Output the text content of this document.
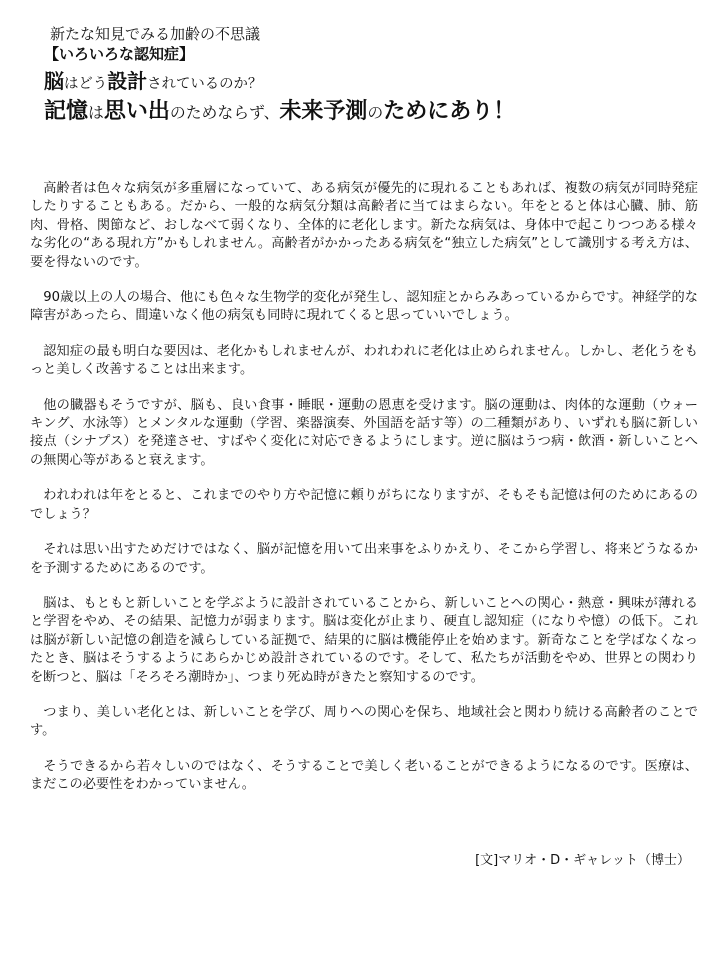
新たな知見でみる加齢の不思議

【いろいろな認知症】

脳はどう設計されているのか？

記憶は思い出のためならず、未来予測のためにあり！

高齢者は色々な病気が多重層になっていて、ある病気が優先的に現れることもあれば、複数の病気が同時発症したりすることもある。だから、一般的な病気分類は高齢者に当てはまらない。年をとると体は心臓、肺、筋肉、骨格、関節など、おしなべて弱くなり、全体的に老化します。新たな病気は、身体中で起こりつつある様々な劣化の“ある現れ方”かもしれません。高齢者がかかったある病気を“独立した病気”として識別する考え方は、要を得ないのです。

90歳以上の人の場合、他にも色々な生物学的変化が発生し、認知症とからみあっているからです。神経学的な障害があったら、間違いなく他の病気も同時に現れてくると思っていいでしょう。

認知症の最も明白な要因は、老化かもしれませんが、われわれに老化は止められません。しかし、老化うをもっと美しく改善することは出来ます。

他の臓器もそうですが、脳も、良い食事・睡眠・運動の恩恵を受けます。脳の運動は、肉体的な運動（ウォーキング、水泳等）とメンタルな運動（学習、楽器演奏、外国語を話す等）の二種類があり、いずれも脳に新しい接点（シナプス）を発達させ、すばやく変化に対応できるようにします。逆に脳はうつ病・飲酒・新しいことへの無関心等があると衰えます。

われわれは年をとると、これまでのやり方や記憶に頼りがちになりますが、そもそも記憶は何のためにあるのでしょう？

それは思い出すためだけではなく、脳が記憶を用いて出来事をふりかえり、そこから学習し、将来どうなるかを予測するためにあるのです。

脳は、もともと新しいことを学ぶように設計されていることから、新しいことへの関心・熱意・興味が薄れると学習をやめ、その結果、記憶力が弱まります。脳は変化が止まり、硬直し認知症（になりや憶）の低下。これは脳が新しい記憶の創造を減らしている証拠で、結果的に脳は機能停止を始めます。新奇なことを学ばなくなったとき、脳はそうするようにあらかじめ設計されているのです。そして、私たちが活動をやめ、世界との関わりを断つと、脳は「そろそろ潮時か」、つまり死ぬ時がきたと察知するのです。

つまり、美しい老化とは、新しいことを学び、周りへの関心を保ち、地域社会と関わり続ける高齢者のことです。

そうできるから若々しいのではなく、そうすることで美しく老いることができるようになるのです。医療は、まだこの必要性をわかっていません。

[文]マリオ・D・ギャレット（博士）
